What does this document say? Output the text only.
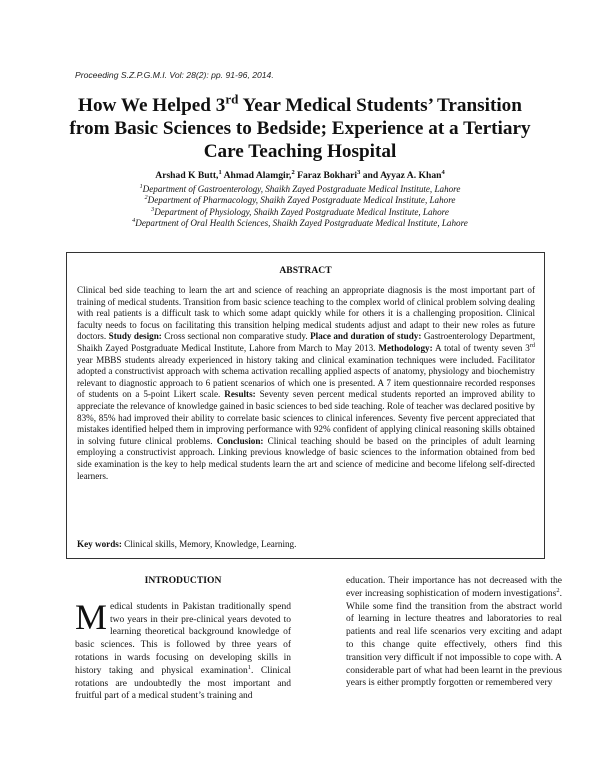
Proceeding S.Z.P.G.M.I. Vol: 28(2): pp. 91-96, 2014.
How We Helped 3rd Year Medical Students’ Transition from Basic Sciences to Bedside; Experience at a Tertiary Care Teaching Hospital
Arshad K Butt,$^1$ Ahmad Alamgir,$^2$ Faraz Bokhari$^3$ and Ayyaz A. Khan$^4$
$^1$Department of Gastroenterology, Shaikh Zayed Postgraduate Medical Institute, Lahore
$^2$Department of Pharmacology, Shaikh Zayed Postgraduate Medical Institute, Lahore
$^3$Department of Physiology, Shaikh Zayed Postgraduate Medical Institute, Lahore
$^4$Department of Oral Health Sciences, Shaikh Zayed Postgraduate Medical Institute, Lahore
ABSTRACT
Clinical bed side teaching to learn the art and science of reaching an appropriate diagnosis is the most important part of training of medical students. Transition from basic science teaching to the complex world of clinical problem solving dealing with real patients is a difficult task to which some adapt quickly while for others it is a challenging proposition. Clinical faculty needs to focus on facilitating this transition helping medical students adjust and adapt to their new roles as future doctors. Study design: Cross sectional non comparative study. Place and duration of study: Gastroenterology Department, Shaikh Zayed Postgraduate Medical Institute, Lahore from March to May 2013. Methodology: A total of twenty seven 3rd year MBBS students already experienced in history taking and clinical examination techniques were included. Facilitator adopted a constructivist approach with schema activation recalling applied aspects of anatomy, physiology and biochemistry relevant to diagnostic approach to 6 patient scenarios of which one is presented. A 7 item questionnaire recorded responses of students on a 5-point Likert scale. Results: Seventy seven percent medical students reported an improved ability to appreciate the relevance of knowledge gained in basic sciences to bed side teaching. Role of teacher was declared positive by 83%, 85% had improved their ability to correlate basic sciences to clinical inferences. Seventy five percent appreciated that mistakes identified helped them in improving performance with 92% confident of applying clinical reasoning skills obtained in solving future clinical problems. Conclusion: Clinical teaching should be based on the principles of adult learning employing a constructivist approach. Linking previous knowledge of basic sciences to the information obtained from bed side examination is the key to help medical students learn the art and science of medicine and become lifelong self-directed learners.
Key words: Clinical skills, Memory, Knowledge, Learning.
INTRODUCTION
Medical students in Pakistan traditionally spend two years in their pre-clinical years devoted to learning theoretical background knowledge of basic sciences. This is followed by three years of rotations in wards focusing on developing skills in history taking and physical examination$^1$. Clinical rotations are undoubtedly the most important and fruitful part of a medical student’s training and
education. Their importance has not decreased with the ever increasing sophistication of modern investigations$^2$. While some find the transition from the abstract world of learning in lecture theatres and laboratories to real patients and real life scenarios very exciting and adapt to this change quite effectively, others find this transition very difficult if not impossible to cope with. A considerable part of what had been learnt in the previous years is either promptly forgotten or remembered very
